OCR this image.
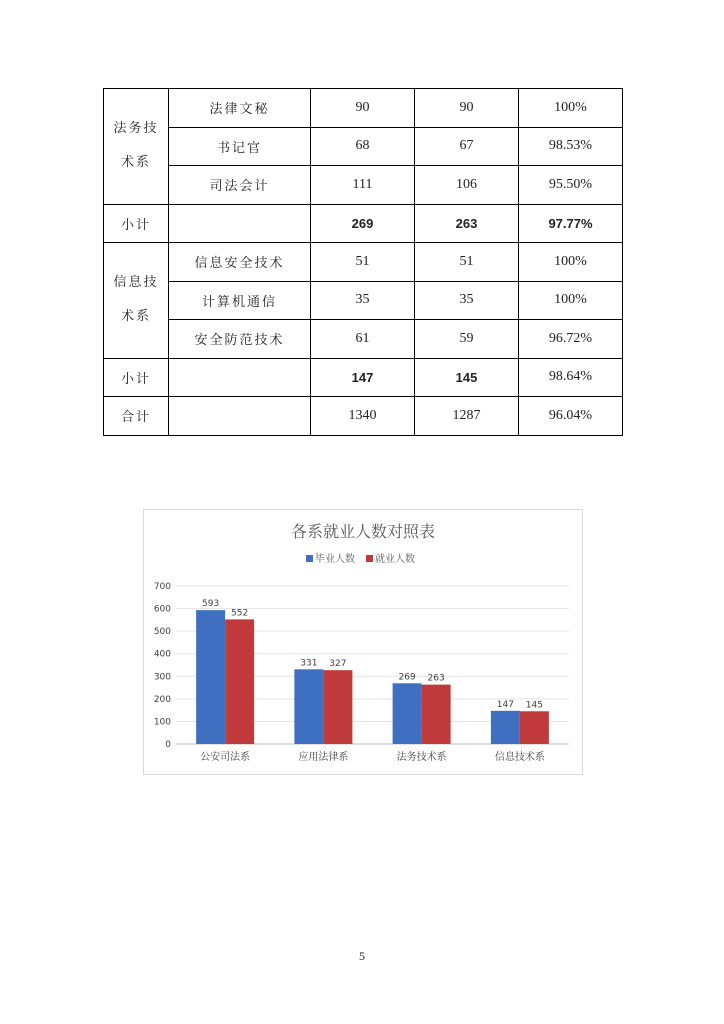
法务技
术系	法律文秘	90	90	100%
	书记官	68	67	98.53%
	司法会计	111	106	95.50%
小计		269	263	97.77%
信息技
术系	信息安全技术	51	51	100%
	计算机通信	35	35	100%
	安全防范技术	61	59	96.72%
小计		147	145	98.64%
合计		1340	1287	96.04%
各系就业人数对照表
毕业人数 就业人数
0
100
200
300
400
500
600
700
593
552
公安司法系
331 327
应用法律系
269 263
法务技术系
147 145
信息技术系
5
